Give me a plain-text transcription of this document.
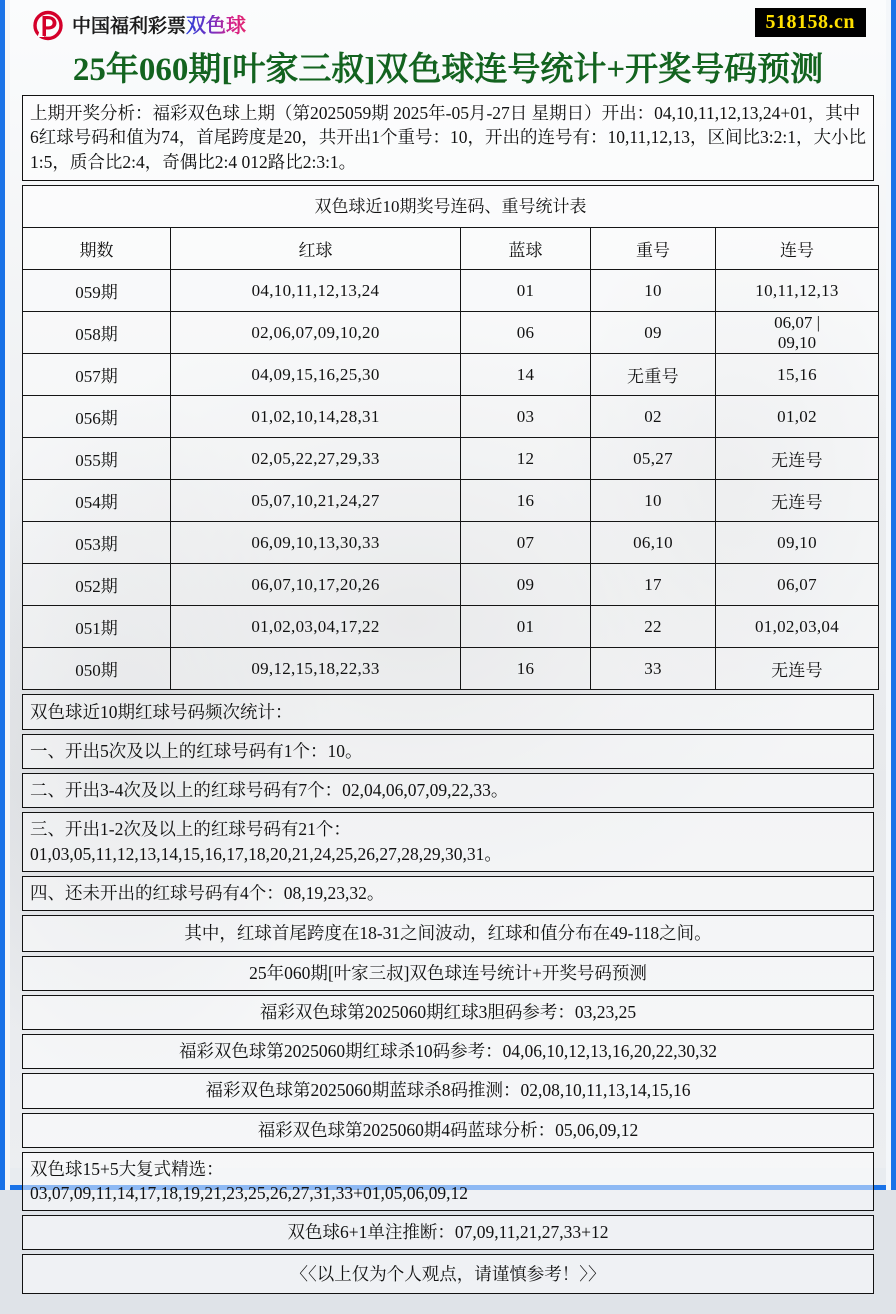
中国福利彩票双色球	518158.cn
25年060期[叶家三叔]双色球连号统计+开奖号码预测
上期开奖分析：福彩双色球上期（第2025059期 2025年-05月-27日 星期日）开出：04,10,11,12,13,24+01，其中6红球号码和值为74，首尾跨度是20，共开出1个重号：10，开出的连号有：10,11,12,13，区间比3:2:1，大小比1:5，质合比2:4，奇偶比2:4 012路比2:3:1。
双色球近10期奖号连码、重号统计表				
期数	红球	蓝球	重号	连号
059期	04,10,11,12,13,24	01	10	10,11,12,13
058期	02,06,07,09,10,20	06	09	06,07 |
09,10

057期	04,09,15,16,25,30	14	无重号	15,16
056期	01,02,10,14,28,31	03	02	01,02
055期	02,05,22,27,29,33	12	05,27	无连号
054期	05,07,10,21,24,27	16	10	无连号
053期	06,09,10,13,30,33	07	06,10	09,10
052期	06,07,10,17,20,26	09	17	06,07
051期	01,02,03,04,17,22	01	22	01,02,03,04
050期	09,12,15,18,22,33	16	33	无连号
双色球近10期红球号码频次统计：
一、开出5次及以上的红球号码有1个：10。
二、开出3-4次及以上的红球号码有7个：02,04,06,07,09,22,33。
三、开出1-2次及以上的红球号码有21个：
01,03,05,11,12,13,14,15,16,17,18,20,21,24,25,26,27,28,29,30,31。
四、还未开出的红球号码有4个：08,19,23,32。
其中，红球首尾跨度在18-31之间波动，红球和值分布在49-118之间。
25年060期[叶家三叔]双色球连号统计+开奖号码预测
福彩双色球第2025060期红球3胆码参考：03,23,25
福彩双色球第2025060期红球杀10码参考：04,06,10,12,13,16,20,22,30,32
福彩双色球第2025060期蓝球杀8码推测：02,08,10,11,13,14,15,16
福彩双色球第2025060期4码蓝球分析：05,06,09,12
双色球15+5大复式精选：
03,07,09,11,14,17,18,19,21,23,25,26,27,31,33+01,05,06,09,12
双色球6+1单注推断：07,09,11,21,27,33+12
〈〈以上仅为个人观点，请谨慎参考！〉〉
